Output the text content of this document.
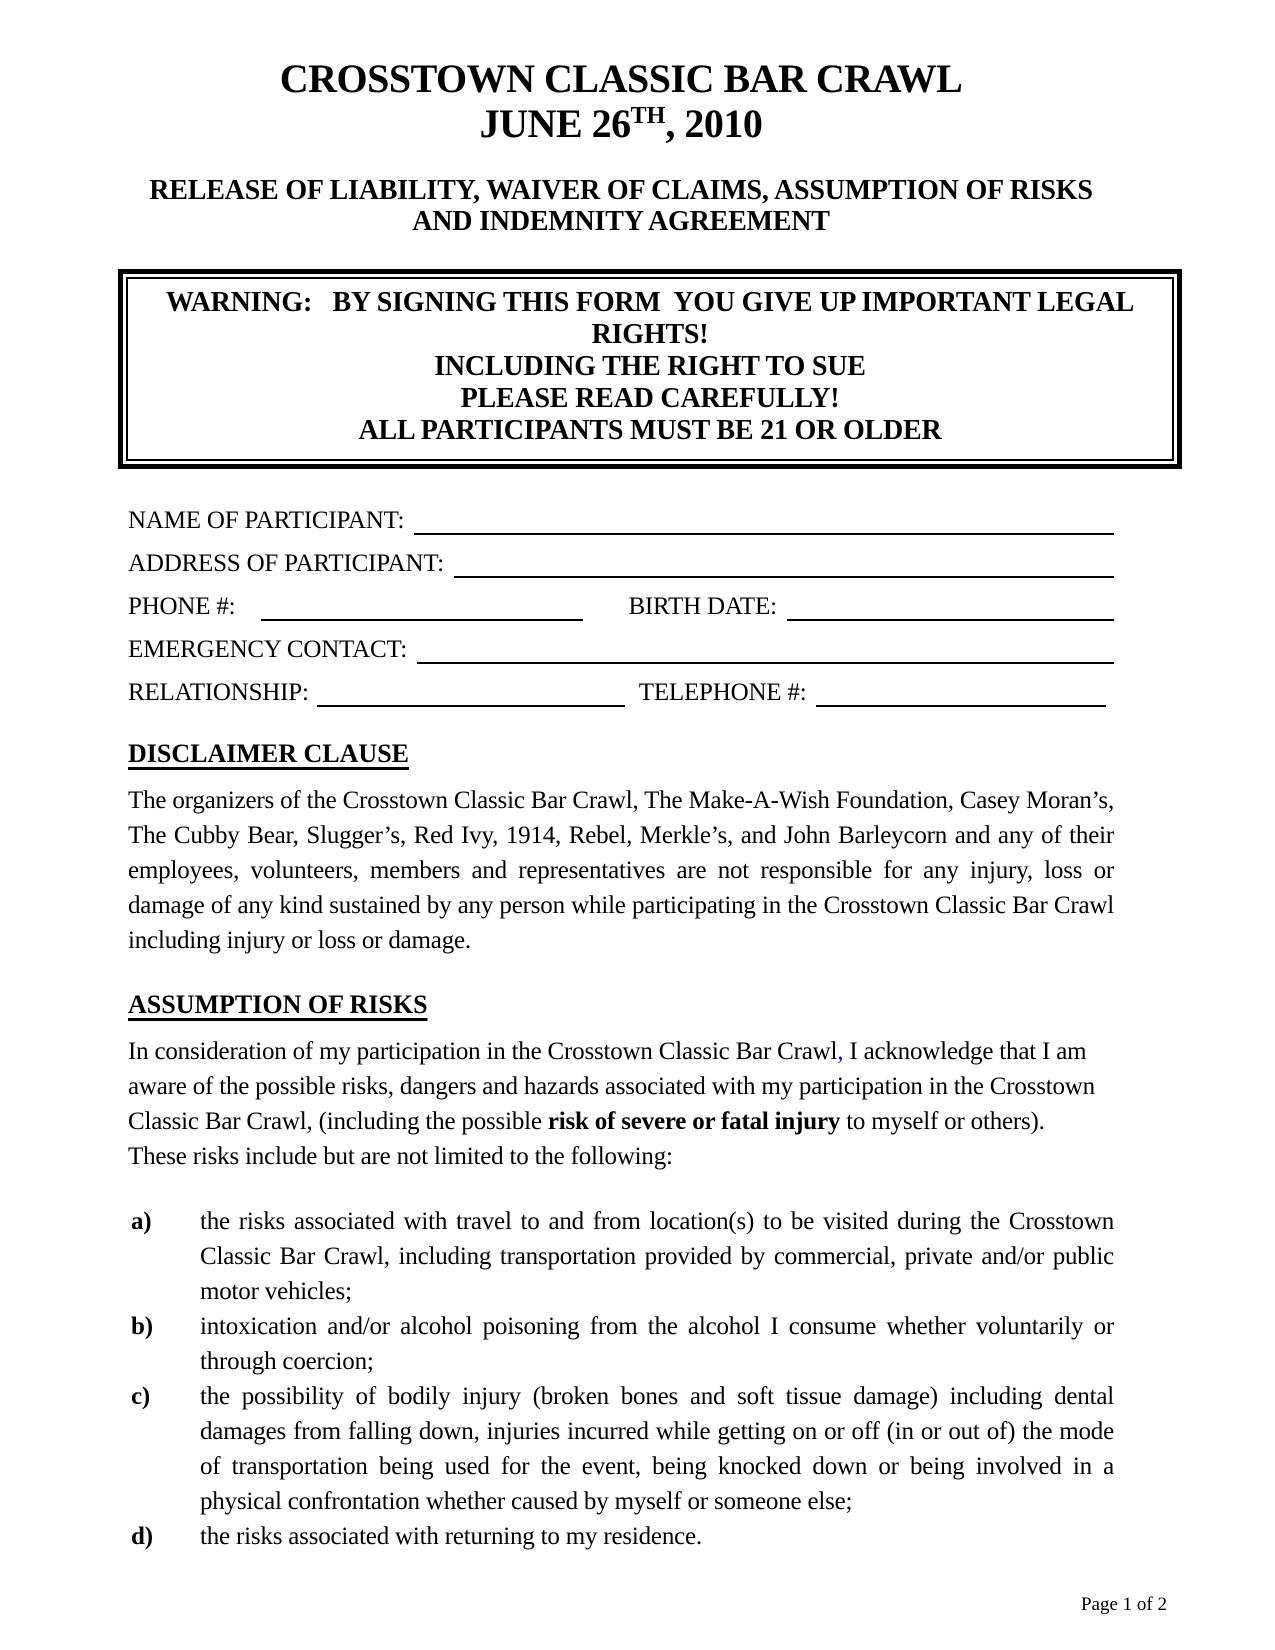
CROSSTOWN CLASSIC BAR CRAWL
JUNE 26TH, 2010
RELEASE OF LIABILITY, WAIVER OF CLAIMS, ASSUMPTION OF RISKS
AND INDEMNITY AGREEMENT
WARNING:   BY SIGNING THIS FORM  YOU GIVE UP IMPORTANT LEGAL
RIGHTS!
INCLUDING THE RIGHT TO SUE
PLEASE READ CAREFULLY!
ALL PARTICIPANTS MUST BE 21 OR OLDER
NAME OF PARTICIPANT:
ADDRESS OF PARTICIPANT:
PHONE #:	BIRTH DATE:
EMERGENCY CONTACT:
RELATIONSHIP:	TELEPHONE #:
DISCLAIMER CLAUSE

The organizers of the Crosstown Classic Bar Crawl, The Make-A-Wish Foundation, Casey Moran’s, The Cubby Bear, Slugger’s, Red Ivy, 1914, Rebel, Merkle’s, and John Barleycorn and any of their employees, volunteers, members and representatives are not responsible for any injury, loss or damage of any kind sustained by any person while participating in the Crosstown Classic Bar Crawl including injury or loss or damage.

ASSUMPTION OF RISKS

In consideration of my participation in the Crosstown Classic Bar Crawl, I acknowledge that I am aware of the possible risks, dangers and hazards associated with my participation in the Crosstown Classic Bar Crawl, (including the possible risk of severe or fatal injury to myself or others).  These risks include but are not limited to the following:

a)	the risks associated with travel to and from location(s) to be visited during the Crosstown Classic Bar Crawl, including transportation provided by commercial, private and/or public motor vehicles;
b)	intoxication and/or alcohol poisoning from the alcohol I consume whether voluntarily or through coercion;
c)	the possibility of bodily injury (broken bones and soft tissue damage) including dental damages from falling down, injuries incurred while getting on or off (in or out of) the mode of transportation being used for the event, being knocked down or being involved in a physical confrontation whether caused by myself or someone else;
d)	the risks associated with returning to my residence.
Page 1 of 2
